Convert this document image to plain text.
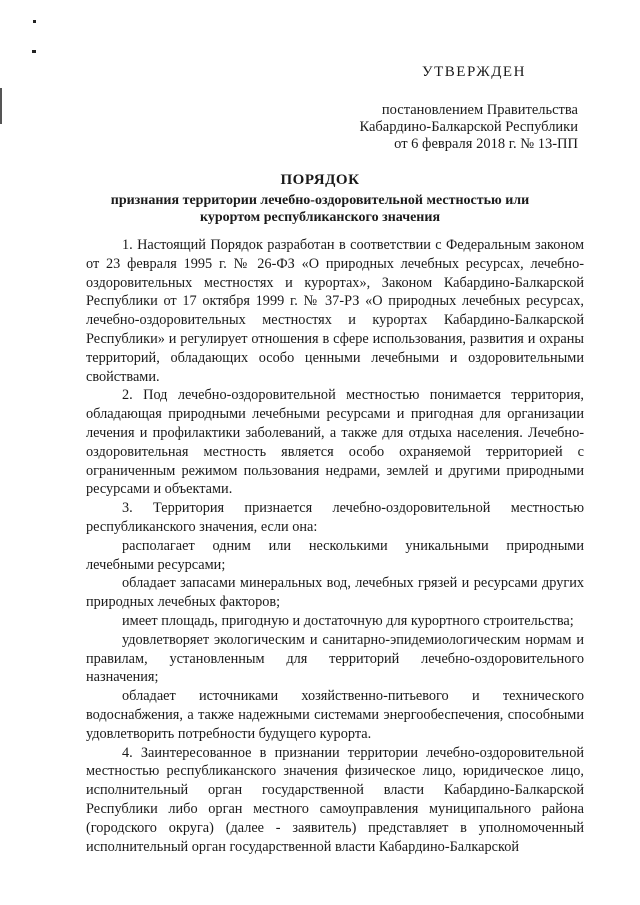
УТВЕРЖДЕН
постановлением Правительства
Кабардино-Балкарской Республики
от 6 февраля 2018 г. № 13-ПП
ПОРЯДОК
признания территории лечебно-оздоровительной местностью или
курортом республиканского значения

1. Настоящий Порядок разработан в соответствии с Федеральным законом от 23 февраля 1995 г. № 26-ФЗ «О природных лечебных ресурсах, лечебно-оздоровительных местностях и курортах», Законом Кабардино-Балкарской Республики от 17 октября 1999 г. № 37-РЗ «О природных лечебных ресурсах, лечебно-оздоровительных местностях и курортах Кабардино-Балкарской Республики» и регулирует отношения в сфере использования, развития и охраны территорий, обладающих особо ценными лечебными и оздоровительными свойствами.

2. Под лечебно-оздоровительной местностью понимается территория, обладающая природными лечебными ресурсами и пригодная для организации лечения и профилактики заболеваний, а также для отдыха населения. Лечебно-оздоровительная местность является особо охраняемой территорией с ограниченным режимом пользования недрами, землей и другими природными ресурсами и объектами.

3. Территория признается лечебно-оздоровительной местностью республиканского значения, если она:

располагает одним или несколькими уникальными природными лечебными ресурсами;

обладает запасами минеральных вод, лечебных грязей и ресурсами других природных лечебных факторов;

имеет площадь, пригодную и достаточную для курортного строительства;

удовлетворяет экологическим и санитарно-эпидемиологическим нормам и правилам, установленным для территорий лечебно-оздоровительного назначения;

обладает источниками хозяйственно-питьевого и технического водоснабжения, а также надежными системами энергообеспечения, способными удовлетворить потребности будущего курорта.

4. Заинтересованное в признании территории лечебно-оздоровительной местностью республиканского значения физическое лицо, юридическое лицо, исполнительный орган государственной власти Кабардино-Балкарской Республики либо орган местного самоуправления муниципального района (городского округа) (далее - заявитель) представляет в уполномоченный исполнительный орган государственной власти Кабардино-Балкарской
